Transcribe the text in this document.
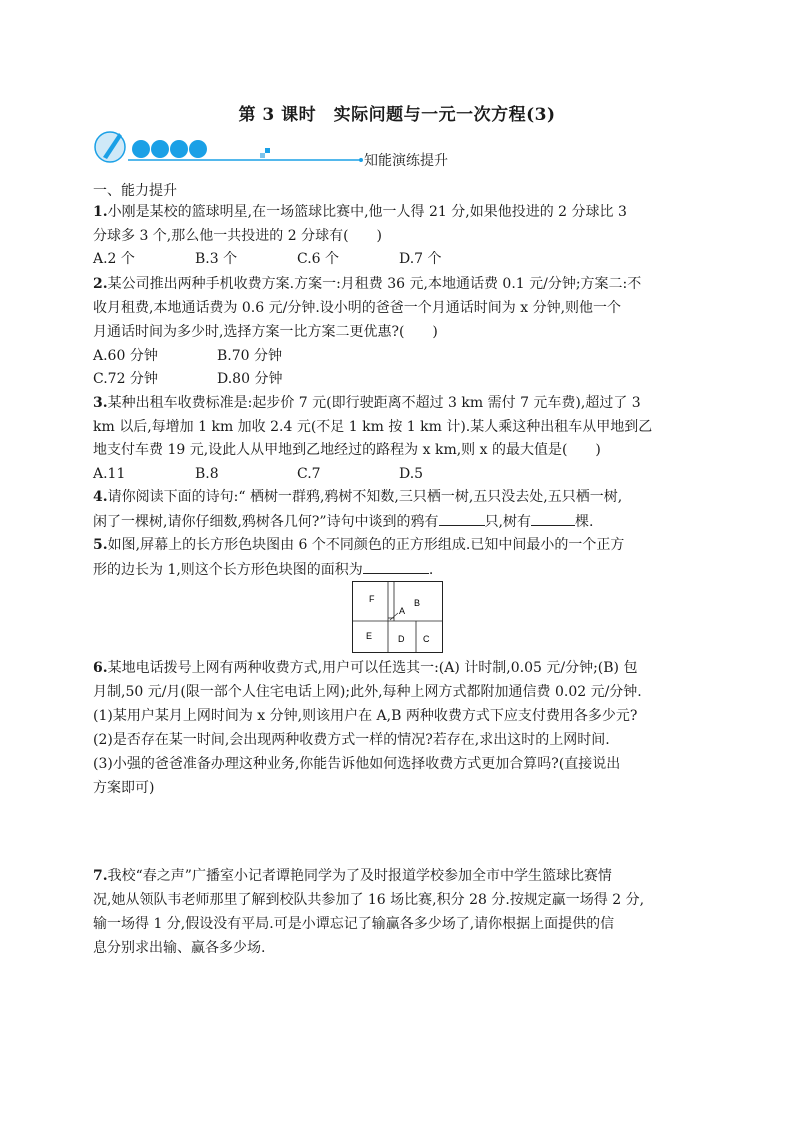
第 3 课时　实际问题与一元一次方程(3)
知能演练提升
一、能力提升
1.小刚是某校的篮球明星,在一场篮球比赛中,他一人得 21 分,如果他投进的 2 分球比 3
分球多 3 个,那么他一共投进的 2 分球有(　　)
A.2 个	B.3 个	C.6 个	D.7 个
2.某公司推出两种手机收费方案.方案一:月租费 36 元,本地通话费 0.1 元/分钟;方案二:不
收月租费,本地通话费为 0.6 元/分钟.设小明的爸爸一个月通话时间为 x 分钟,则他一个
月通话时间为多少时,选择方案一比方案二更优惠?(　　)
A.60 分钟	B.70 分钟
C.72 分钟	D.80 分钟
3.某种出租车收费标准是:起步价 7 元(即行驶距离不超过 3 km 需付 7 元车费),超过了 3
km 以后,每增加 1 km 加收 2.4 元(不足 1 km 按 1 km 计).某人乘这种出租车从甲地到乙
地支付车费 19 元,设此人从甲地到乙地经过的路程为 x km,则 x 的最大值是(　　)
A.11	B.8	C.7	D.5
4.请你阅读下面的诗句:“ 栖树一群鸦,鸦树不知数,三只栖一树,五只没去处,五只栖一树,
闲了一棵树,请你仔细数,鸦树各几何?”诗句中谈到的鸦有	只,树有	棵.
5.如图,屏幕上的长方形色块图由 6 个不同颜色的正方形组成.已知中间最小的一个正方
形的边长为 1,则这个长方形色块图的面积为	.
F
A
B
E	D C
6.某地电话拨号上网有两种收费方式,用户可以任选其一:(A) 计时制,0.05 元/分钟;(B) 包
月制,50 元/月(限一部个人住宅电话上网);此外,每种上网方式都附加通信费 0.02 元/分钟.
(1)某用户某月上网时间为 x 分钟,则该用户在 A,B 两种收费方式下应支付费用各多少元?
(2)是否存在某一时间,会出现两种收费方式一样的情况?若存在,求出这时的上网时间.
(3)小强的爸爸准备办理这种业务,你能告诉他如何选择收费方式更加合算吗?(直接说出
方案即可)
7.我校“春之声”广播室小记者谭艳同学为了及时报道学校参加全市中学生篮球比赛情
况,她从领队韦老师那里了解到校队共参加了 16 场比赛,积分 28 分.按规定赢一场得 2 分,
输一场得 1 分,假设没有平局.可是小谭忘记了输赢各多少场了,请你根据上面提供的信
息分别求出输、赢各多少场.
